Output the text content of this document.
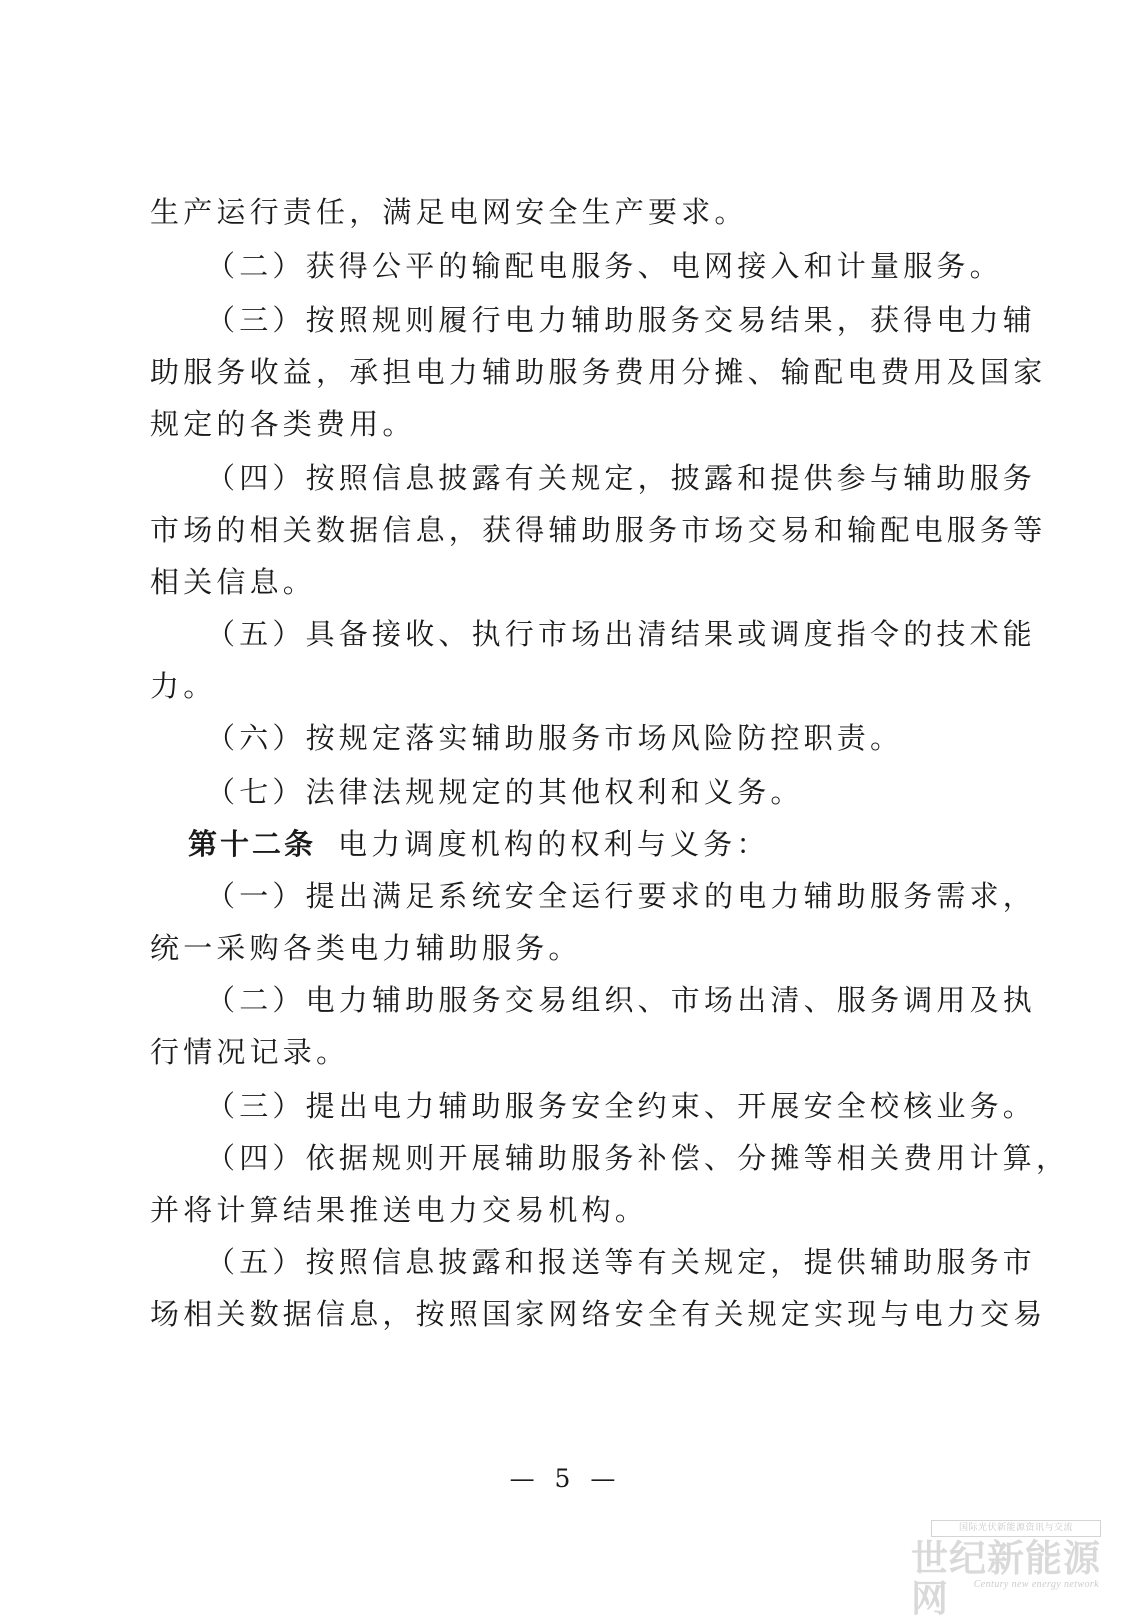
生产运行责任，满足电网安全生产要求。
（二）获得公平的输配电服务、电网接入和计量服务。
（三）按照规则履行电力辅助服务交易结果，获得电力辅
助服务收益，承担电力辅助服务费用分摊、输配电费用及国家
规定的各类费用。
（四）按照信息披露有关规定，披露和提供参与辅助服务
市场的相关数据信息，获得辅助服务市场交易和输配电服务等
相关信息。
（五）具备接收、执行市场出清结果或调度指令的技术能
力。
（六）按规定落实辅助服务市场风险防控职责。
（七）法律法规规定的其他权利和义务。
第十二条 电力调度机构的权利与义务：
（一）提出满足系统安全运行要求的电力辅助服务需求，
统一采购各类电力辅助服务。
（二）电力辅助服务交易组织、市场出清、服务调用及执
行情况记录。
（三）提出电力辅助服务安全约束、开展安全校核业务。
（四）依据规则开展辅助服务补偿、分摊等相关费用计算，
并将计算结果推送电力交易机构。
（五）按照信息披露和报送等有关规定，提供辅助服务市
场相关数据信息，按照国家网络安全有关规定实现与电力交易
— 5 —
国际光伏新能源资讯与交流
世纪新能源网	Century new energy network
